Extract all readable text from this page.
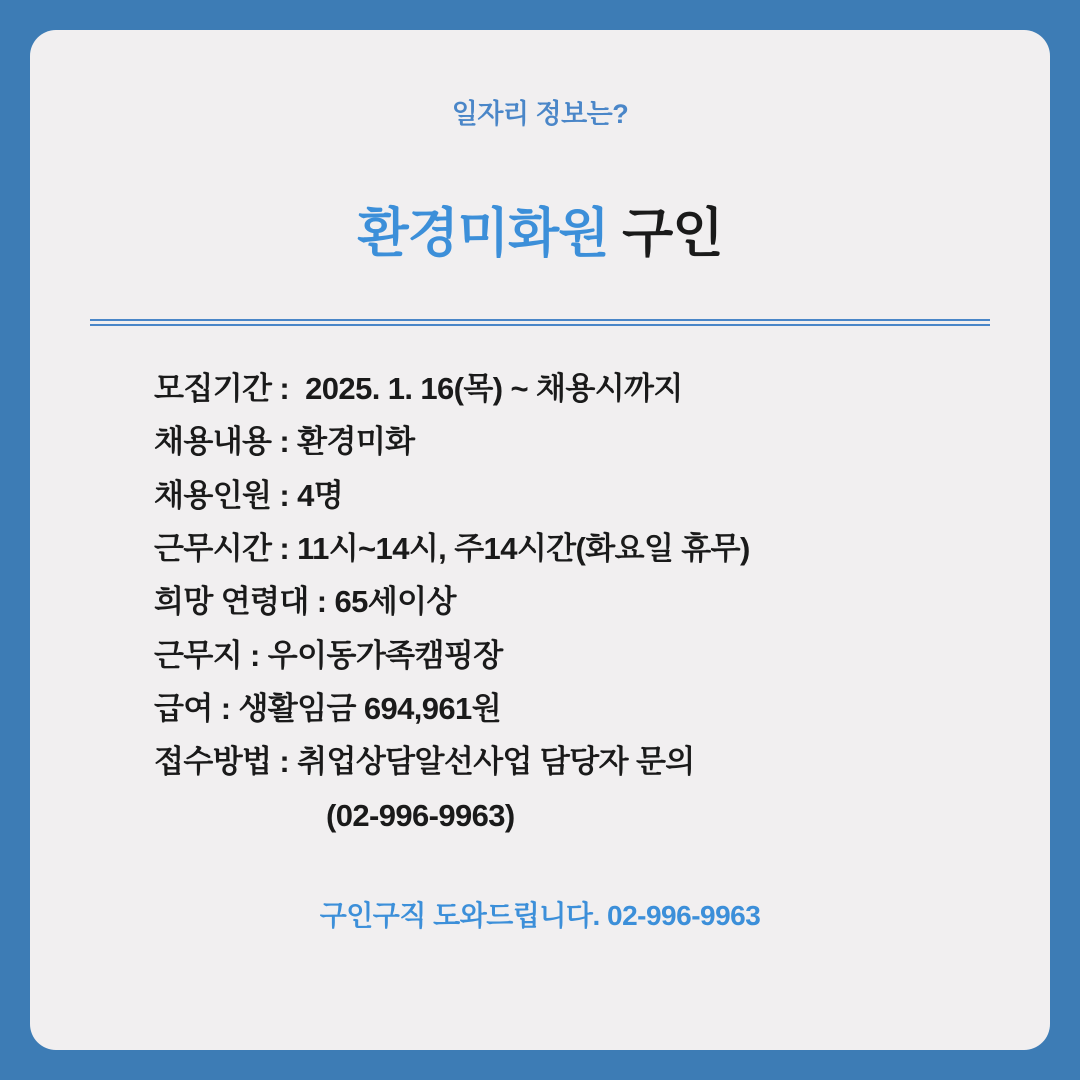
일자리 정보는?

환경미화원 구인
모집기간 :  2025. 1. 16(목) ~ 채용시까지
채용내용 : 환경미화
채용인원 : 4명
근무시간 : 11시~14시, 주14시간(화요일 휴무)
희망 연령대 : 65세이상
근무지 : 우이동가족캠핑장
급여 : 생활임금 694,961원
접수방법 : 취업상담알선사업 담당자 문의
(02-996-9963)

구인구직 도와드립니다. 02-996-9963
